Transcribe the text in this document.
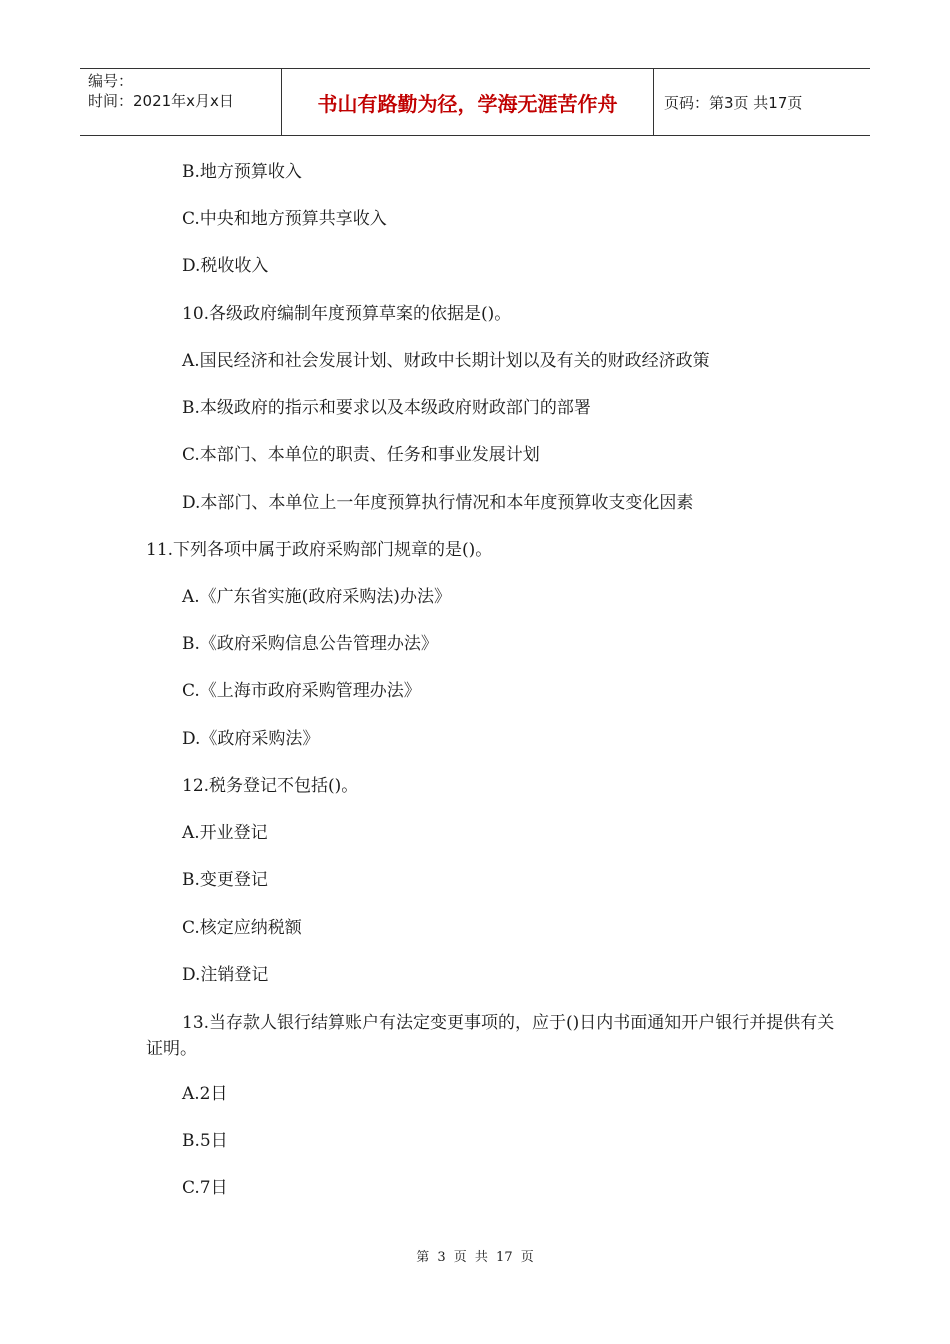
编号：
时间：2021年x月x日	书山有路勤为径，学海无涯苦作舟	页码：第3页 共17页
B.地方预算收入
C.中央和地方预算共享收入
D.税收收入
10.各级政府编制年度预算草案的依据是()。
A.国民经济和社会发展计划、财政中长期计划以及有关的财政经济政策
B.本级政府的指示和要求以及本级政府财政部门的部署
C.本部门、本单位的职责、任务和事业发展计划
D.本部门、本单位上一年度预算执行情况和本年度预算收支变化因素
11.下列各项中属于政府采购部门规章的是()。
A.《广东省实施(政府采购法)办法》
B.《政府采购信息公告管理办法》
C.《上海市政府采购管理办法》
D.《政府采购法》
12.税务登记不包括()。
A.开业登记
B.变更登记
C.核定应纳税额
D.注销登记
13.当存款人银行结算账户有法定变更事项的，应于()日内书面通知开户银行并提供有关证明。
A.2日
B.5日
C.7日
第 3 页 共 17 页
